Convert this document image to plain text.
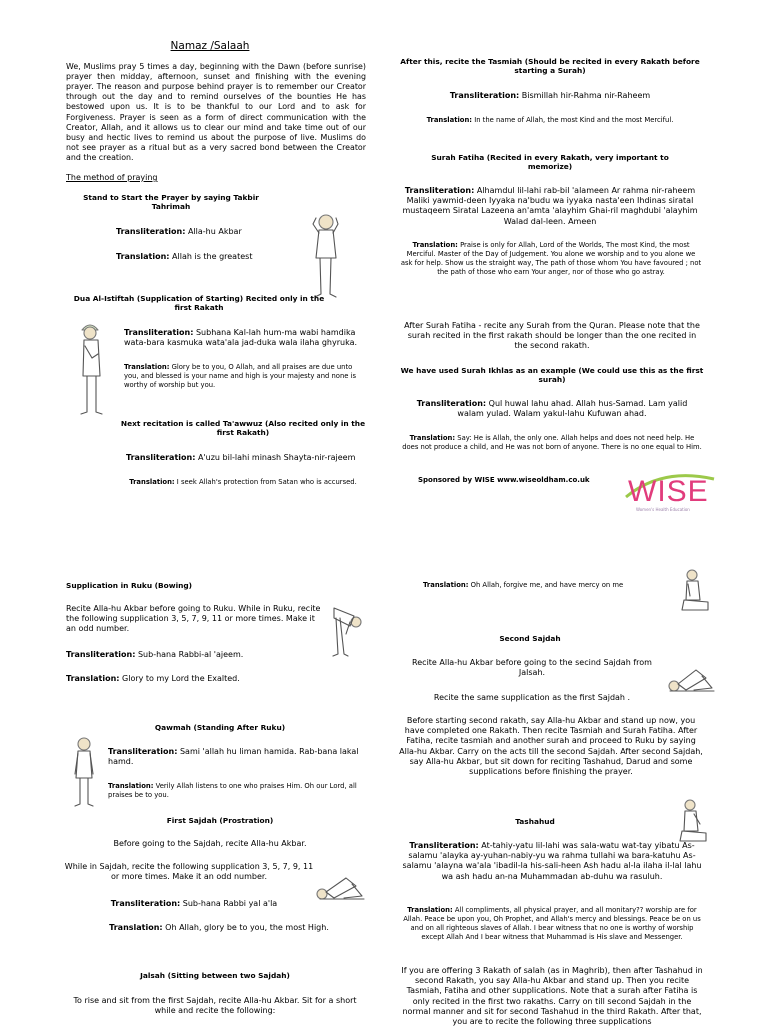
Namaz /Salaah
We, Muslims pray 5 times a day, beginning with the Dawn (before sunrise) prayer then midday, afternoon, sunset and finishing with the evening prayer. The reason and purpose behind prayer is to remember our Creator through out the day and to remind ourselves of the bounties He has bestowed upon us. It is to be thankful to our Lord and to ask for Forgiveness. Prayer is seen as a form of direct communication with the Creator, Allah, and it allows us to clear our mind and take time out of our busy and hectic lives to remind us about the purpose of live. Muslims do not see prayer as a ritual but as a very sacred bond between the Creator and the creation.
The method of praying
Stand to Start the Prayer by saying Takbir Tahrimah
Transliteration: Alla-hu Akbar
Translation: Allah is the greatest
Dua Al-Istiftah (Supplication of Starting) Recited only in the first Rakath
Transliteration: Subhana Kal-lah hum-ma wabi hamdika wata-bara kasmuka wata'ala jad-duka wala ilaha ghyruka.
Translation: Glory be to you, O Allah, and all praises are due unto you, and blessed is your name and high is your majesty and none is worthy of worship but you.
Next recitation is called Ta'awwuz (Also recited only in the first Rakath)
Transliteration: A'uzu bil-lahi minash Shayta-nir-rajeem
Translation: I seek Allah's protection from Satan who is accursed.
After this, recite the Tasmiah (Should be recited in every Rakath before starting a Surah)
Transliteration: Bismillah hir-Rahma nir-Raheem
Translation: In the name of Allah, the most Kind and the most Merciful.
Surah Fatiha (Recited in every Rakath, very important to memorize)
Transliteration: Alhamdul lil-lahi rab-bil 'alameen Ar rahma nir-raheem Maliki yawmid-deen Iyyaka na'budu wa iyyaka nasta'een Ihdinas siratal mustaqeem Siratal Lazeena an'amta 'alayhim Ghai-ril maghdubi 'alayhim Walad dal-leen. Ameen
Translation: Praise is only for Allah, Lord of the Worlds, The most Kind, the most Merciful. Master of the Day of Judgement. You alone we worship and to you alone we ask for help. Show us the straight way, The path of those whom You have favoured ; not the path of those who earn Your anger, nor of those who go astray.
After Surah Fatiha - recite any Surah from the Quran. Please note that the surah recited in the first rakath should be longer than the one recited in the second rakath.
We have used Surah Ikhlas as an example (We could use this as the first surah)
Transliteration: Qul huwal lahu ahad. Allah hus-Samad. Lam yalid walam yulad. Walam yakul-lahu Kufuwan ahad.
Translation: Say: He is Allah, the only one. Allah helps and does not need help. He does not produce a child, and He was not born of anyone. There is no one equal to Him.
Sponsored by WISE www.wiseoldham.co.uk	WISE
Women's Health Education
Supplication in Ruku (Bowing)
Recite Alla-hu Akbar before going to Ruku. While in Ruku, recite the following supplication 3, 5, 7, 9, 11 or more times. Make it an odd number.
Transliteration: Sub-hana Rabbi-al 'ajeem.
Translation: Glory to my Lord the Exalted.
Qawmah (Standing After Ruku)
Transliteration: Sami 'allah hu liman hamida. Rab-bana lakal hamd.
Translation: Verily Allah listens to one who praises Him. Oh our Lord, all praises be to you.
First Sajdah (Prostration)
Before going to the Sajdah, recite Alla-hu Akbar.
While in Sajdah, recite the following supplication 3, 5, 7, 9, 11 or more times. Make it an odd number.
Transliteration: Sub-hana Rabbi yal a'la
Translation: Oh Allah, glory be to you, the most High.
Jalsah (Sitting between two Sajdah)
To rise and sit from the first Sajdah, recite Alla-hu Akbar. Sit for a short while and recite the following:
Translation: Oh Allah, forgive me, and have mercy on me
Second Sajdah
Recite Alla-hu Akbar before going to the secind Sajdah from Jalsah.
Recite the same supplication as the first Sajdah .
Before starting second rakath, say Alla-hu Akbar and stand up now, you have completed one Rakath. Then recite Tasmiah and Surah Fatiha. After Fatiha, recite tasmiah and another surah and proceed to Ruku by saying Alla-hu Akbar. Carry on the acts till the second Sajdah. After second Sajdah, say Alla-hu Akbar, but sit down for reciting Tashahud, Darud and some supplications before finishing the prayer.
Tashahud
Transliteration: At-tahiy-yatu lil-lahi was sala-watu wat-tay yibatu As-salamu 'alayka ay-yuhan-nabiy-yu wa rahma tullahi wa bara-katuhu As-salamu 'alayna wa'ala 'ibadil-la his-sali-heen Ash hadu al-la ilaha il-lal lahu wa ash hadu an-na Muhammadan ab-duhu wa rasuluh.
Translation: All compliments, all physical prayer, and all monitary?? worship are for Allah. Peace be upon you, Oh Prophet, and Allah's mercy and blessings. Peace be on us and on all righteous slaves of Allah. I bear witness that no one is worthy of worship except Allah And I bear witness that Muhammad is His slave and Messenger.
If you are offering 3 Rakath of salah (as in Maghrib), then after Tashahud in second Rakath, you say Alla-hu Akbar and stand up. Then you recite Tasmiah, Fatiha and other supplications. Note that a surah after Fatiha is only recited in the first two rakaths. Carry on till second Sajdah in the normal manner and sit for second Tashahud in the third Rakath. After that, you are to recite the following three supplications
